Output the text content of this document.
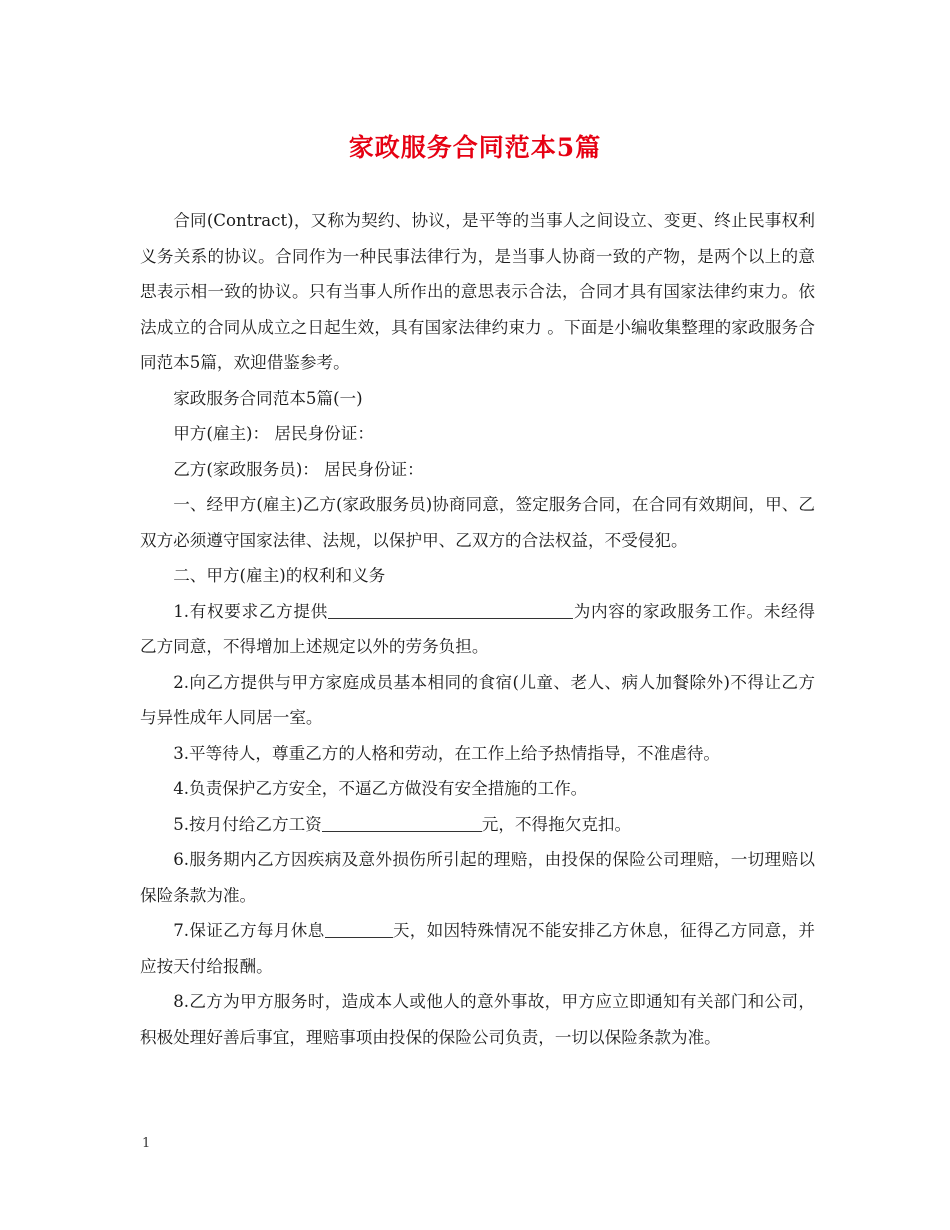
家政服务合同范本5篇

合同(Contract)，又称为契约、协议，是平等的当事人之间设立、变更、终止民事权利义务关系的协议。合同作为一种民事法律行为，是当事人协商一致的产物，是两个以上的意思表示相一致的协议。只有当事人所作出的意思表示合法，合同才具有国家法律约束力。依法成立的合同从成立之日起生效，具有国家法律约束力 。下面是小编收集整理的家政服务合同范本5篇，欢迎借鉴参考。

家政服务合同范本5篇(一)

甲方(雇主)： 居民身份证：

乙方(家政服务员)： 居民身份证：

一、经甲方(雇主)乙方(家政服务员)协商同意，签定服务合同，在合同有效期间，甲、乙双方必须遵守国家法律、法规，以保护甲、乙双方的合法权益，不受侵犯。

二、甲方(雇主)的权利和义务

1.有权要求乙方提供	为内容的家政服务工作。未经得乙方同意，不得增加上述规定以外的劳务负担。

2.向乙方提供与甲方家庭成员基本相同的食宿(儿童、老人、病人加餐除外)不得让乙方与异性成年人同居一室。

3.平等待人，尊重乙方的人格和劳动，在工作上给予热情指导，不准虐待。

4.负责保护乙方安全，不逼乙方做没有安全措施的工作。

5.按月付给乙方工资	元，不得拖欠克扣。

6.服务期内乙方因疾病及意外损伤所引起的理赔，由投保的保险公司理赔，一切理赔以保险条款为准。

7.保证乙方每月休息	天，如因特殊情况不能安排乙方休息，征得乙方同意，并应按天付给报酬。

8.乙方为甲方服务时，造成本人或他人的意外事故，甲方应立即通知有关部门和公司，积极处理好善后事宜，理赔事项由投保的保险公司负责，一切以保险条款为准。

1
